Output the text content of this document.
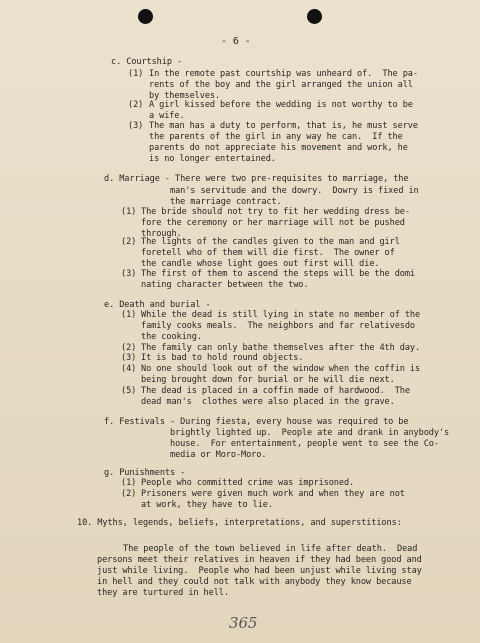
- 6 -
c. Courtship -
(1) In the remote past courtship was unheard of.  The pa-
rents of the boy and the girl arranged the union all
by themselves.
(2) A girl kissed before the wedding is not worthy to be
a wife.
(3) The man has a duty to perform, that is, he must serve
the parents of the girl in any way he can.  If the
parents do not appreciate his movement and work, he
is no longer entertained.
d. Marriage - There were two pre-requisites to marriage, the
man's servitude and the dowry.  Dowry is fixed in
the marriage contract.
(1) The bride should not try to fit her wedding dress be-
fore the ceremony or her marriage will not be pushed
through.
(2) The lights of the candles given to the man and girl
foretell who of them will die first.  The owner of
the candle whose light goes out first will die.
(3) The first of them to ascend the steps will be the domi
nating character between the two.
e. Death and burial -
(1) While the dead is still lying in state no member of the
family cooks meals.  The neighbors and far relativesdo
the cooking.
(2) The family can only bathe themselves after the 4th day.
(3) It is bad to hold round objects.
(4) No one should look out of the window when the coffin is
being brought down for burial or he will die next.
(5) The dead is placed in a coffin made of hardwood.  The
dead man's  clothes were also placed in the grave.
f. Festivals - During fiesta, every house was required to be
brightly lighted up.  People ate and drank in anybody's
house.  For entertainment, people went to see the Co-
media or Moro-Moro.
g. Punishments -
(1) People who committed crime was imprisoned.
(2) Prisoners were given much work and when they are not
at work, they have to lie.
10. Myths, legends, beliefs, interpretations, and superstitions:
The people of the town believed in life after death.  Dead
persons meet their relatives in heaven if they had been good and
just while living.  People who had been unjust while living stay
in hell and they could not talk with anybody they know because
they are turtured in hell.
365
